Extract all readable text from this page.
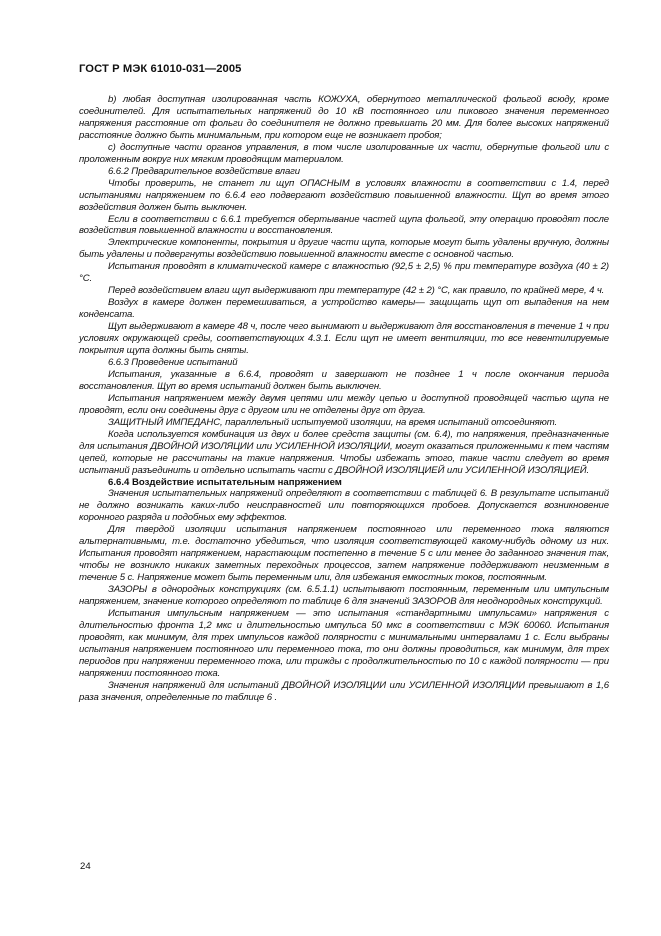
ГОСТ Р МЭК 61010-031—2005

b) любая доступная изолированная часть КОЖУХА, обернутого металлической фольгой всюду, кроме соединителей. Для испытательных напряжений до 10 кВ постоянного или пикового значения переменного напряжения расстояние от фольги до соединителя не должно превышать 20 мм. Для более высоких напряжений расстояние должно быть минимальным, при котором еще не возникает пробоя;

с) доступные части органов управления, в том числе изолированные их части, обернутые фольгой или с проложенным вокруг них мягким проводящим материалом.

6.6.2 Предварительное воздействие влаги

Чтобы проверить, не станет ли щуп ОПАСНЫМ в условиях влажности в соответствии с 1.4, перед испытаниями напряжением по 6.6.4 его подвергают воздействию повышенной влажности. Щуп во время этого воздействия должен быть выключен.

Если в соответствии с 6.6.1 требуется обертывание частей щупа фольгой, эту операцию проводят после воздействия повышенной влажности и восстановления.

Электрические компоненты, покрытия и другие части щупа, которые могут быть удалены вручную, должны быть удалены и подвергнуты воздействию повышенной влажности вместе с основной частью.

Испытания проводят в климатической камере с влажностью (92,5 ± 2,5) % при температуре воздуха (40 ± 2) °С.

Перед воздействием влаги щуп выдерживают при температуре (42 ± 2) °С, как правило, по крайней мере, 4 ч.

Воздух в камере должен перемешиваться, а устройство камеры— защищать щуп от выпадения на нем конденсата.

Щуп выдерживают в камере 48 ч, после чего вынимают и выдерживают для восстановления в течение 1 ч при условиях окружающей среды, соответствующих 4.3.1. Если щуп не имеет вентиляции, то все невентилируемые покрытия щупа должны быть сняты.

6.6.3 Проведение испытаний

Испытания, указанные в 6.6.4, проводят и завершают не позднее 1 ч после окончания периода восстановления. Щуп во время испытаний должен быть выключен.

Испытания напряжением между двумя цепями или между цепью и доступной проводящей частью щупа не проводят, если они соединены друг с другом или не отделены друг от друга.

ЗАЩИТНЫЙ ИМПЕДАНС, параллельный испытуемой изоляции, на время испытаний отсоединяют.

Когда используется комбинация из двух и более средств защиты (см. 6.4), то напряжения, предназначенные для испытания ДВОЙНОЙ ИЗОЛЯЦИИ или УСИЛЕННОЙ ИЗОЛЯЦИИ, могут оказаться приложенными к тем частям цепей, которые не рассчитаны на такие напряжения. Чтобы избежать этого, такие части следует во время испытаний разъединить и отдельно испытать части с ДВОЙНОЙ ИЗОЛЯЦИЕЙ или УСИЛЕННОЙ ИЗОЛЯЦИЕЙ.

6.6.4 Воздействие испытательным напряжением

Значения испытательных напряжений определяют в соответствии с таблицей 6. В результате испытаний не должно возникать каких-либо неисправностей или повторяющихся пробоев. Допускается возникновение коронного разряда и подобных ему эффектов.

Для твердой изоляции испытания напряжением постоянного или переменного тока являются альтернативными, т.е. достаточно убедиться, что изоляция соответствующей какому-нибудь одному из них. Испытания проводят напряжением, нарастающим постепенно в течение 5 с или менее до заданного значения так, чтобы не возникло никаких заметных переходных процессов, затем напряжение поддерживают неизменным в течение 5 с. Напряжение может быть переменным или, для избежания емкостных токов, постоянным.

ЗАЗОРЫ в однородных конструкциях (см. 6.5.1.1) испытывают постоянным, переменным или импульсным напряжением, значение которого определяют по таблице 6 для значений ЗАЗОРОВ для неоднородных конструкций.

Испытания импульсным напряжением — это испытания «стандартными импульсами» напряжения с длительностью фронта 1,2 мкс и длительностью импульса 50 мкс в соответствии с МЭК 60060. Испытания проводят, как минимум, для трех импульсов каждой полярности с минимальными интервалами 1 с. Если выбраны испытания напряжением постоянного или переменного тока, то они должны проводиться, как минимум, для трех периодов при напряжении переменного тока, или трижды с продолжительностью по 10 с каждой полярности — при напряжении постоянного тока.

Значения напряжений для испытаний ДВОЙНОЙ ИЗОЛЯЦИИ или УСИЛЕННОЙ ИЗОЛЯЦИИ превышают в 1,6 раза значения, определенные по таблице 6 .

24
